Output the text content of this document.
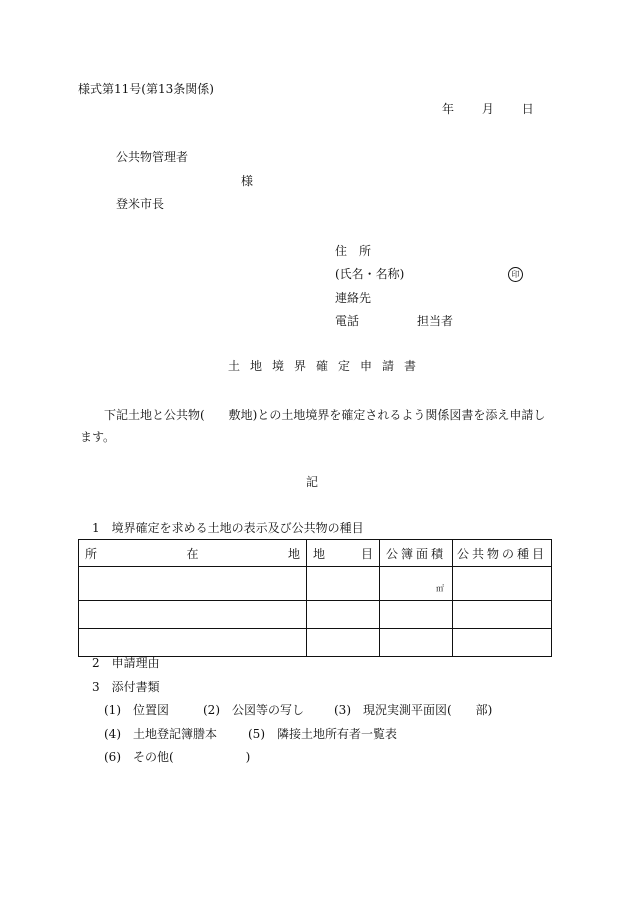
様式第11号(第13条関係)
年 月 日
公共物管理者
様
登米市長
住　所
(氏名・名称)	印
連絡先
電話	担当者
土地境界確定申請書
下記土地と公共物(　　敷地)との土地境界を確定されるよう関係図書を添え申請します。
記
1　境界確定を求める土地の表示及び公共物の種目
所 在 地	地 目	公簿面積	公共物の種目
		㎡	

2　申請理由
3　添付書類
(1)　位置図	(2)　公図等の写し	(3)　現況実測平面図(　　部)
(4)　土地登記簿謄本	(5)　隣接土地所有者一覧表
(6)　その他(　　　　　　)
